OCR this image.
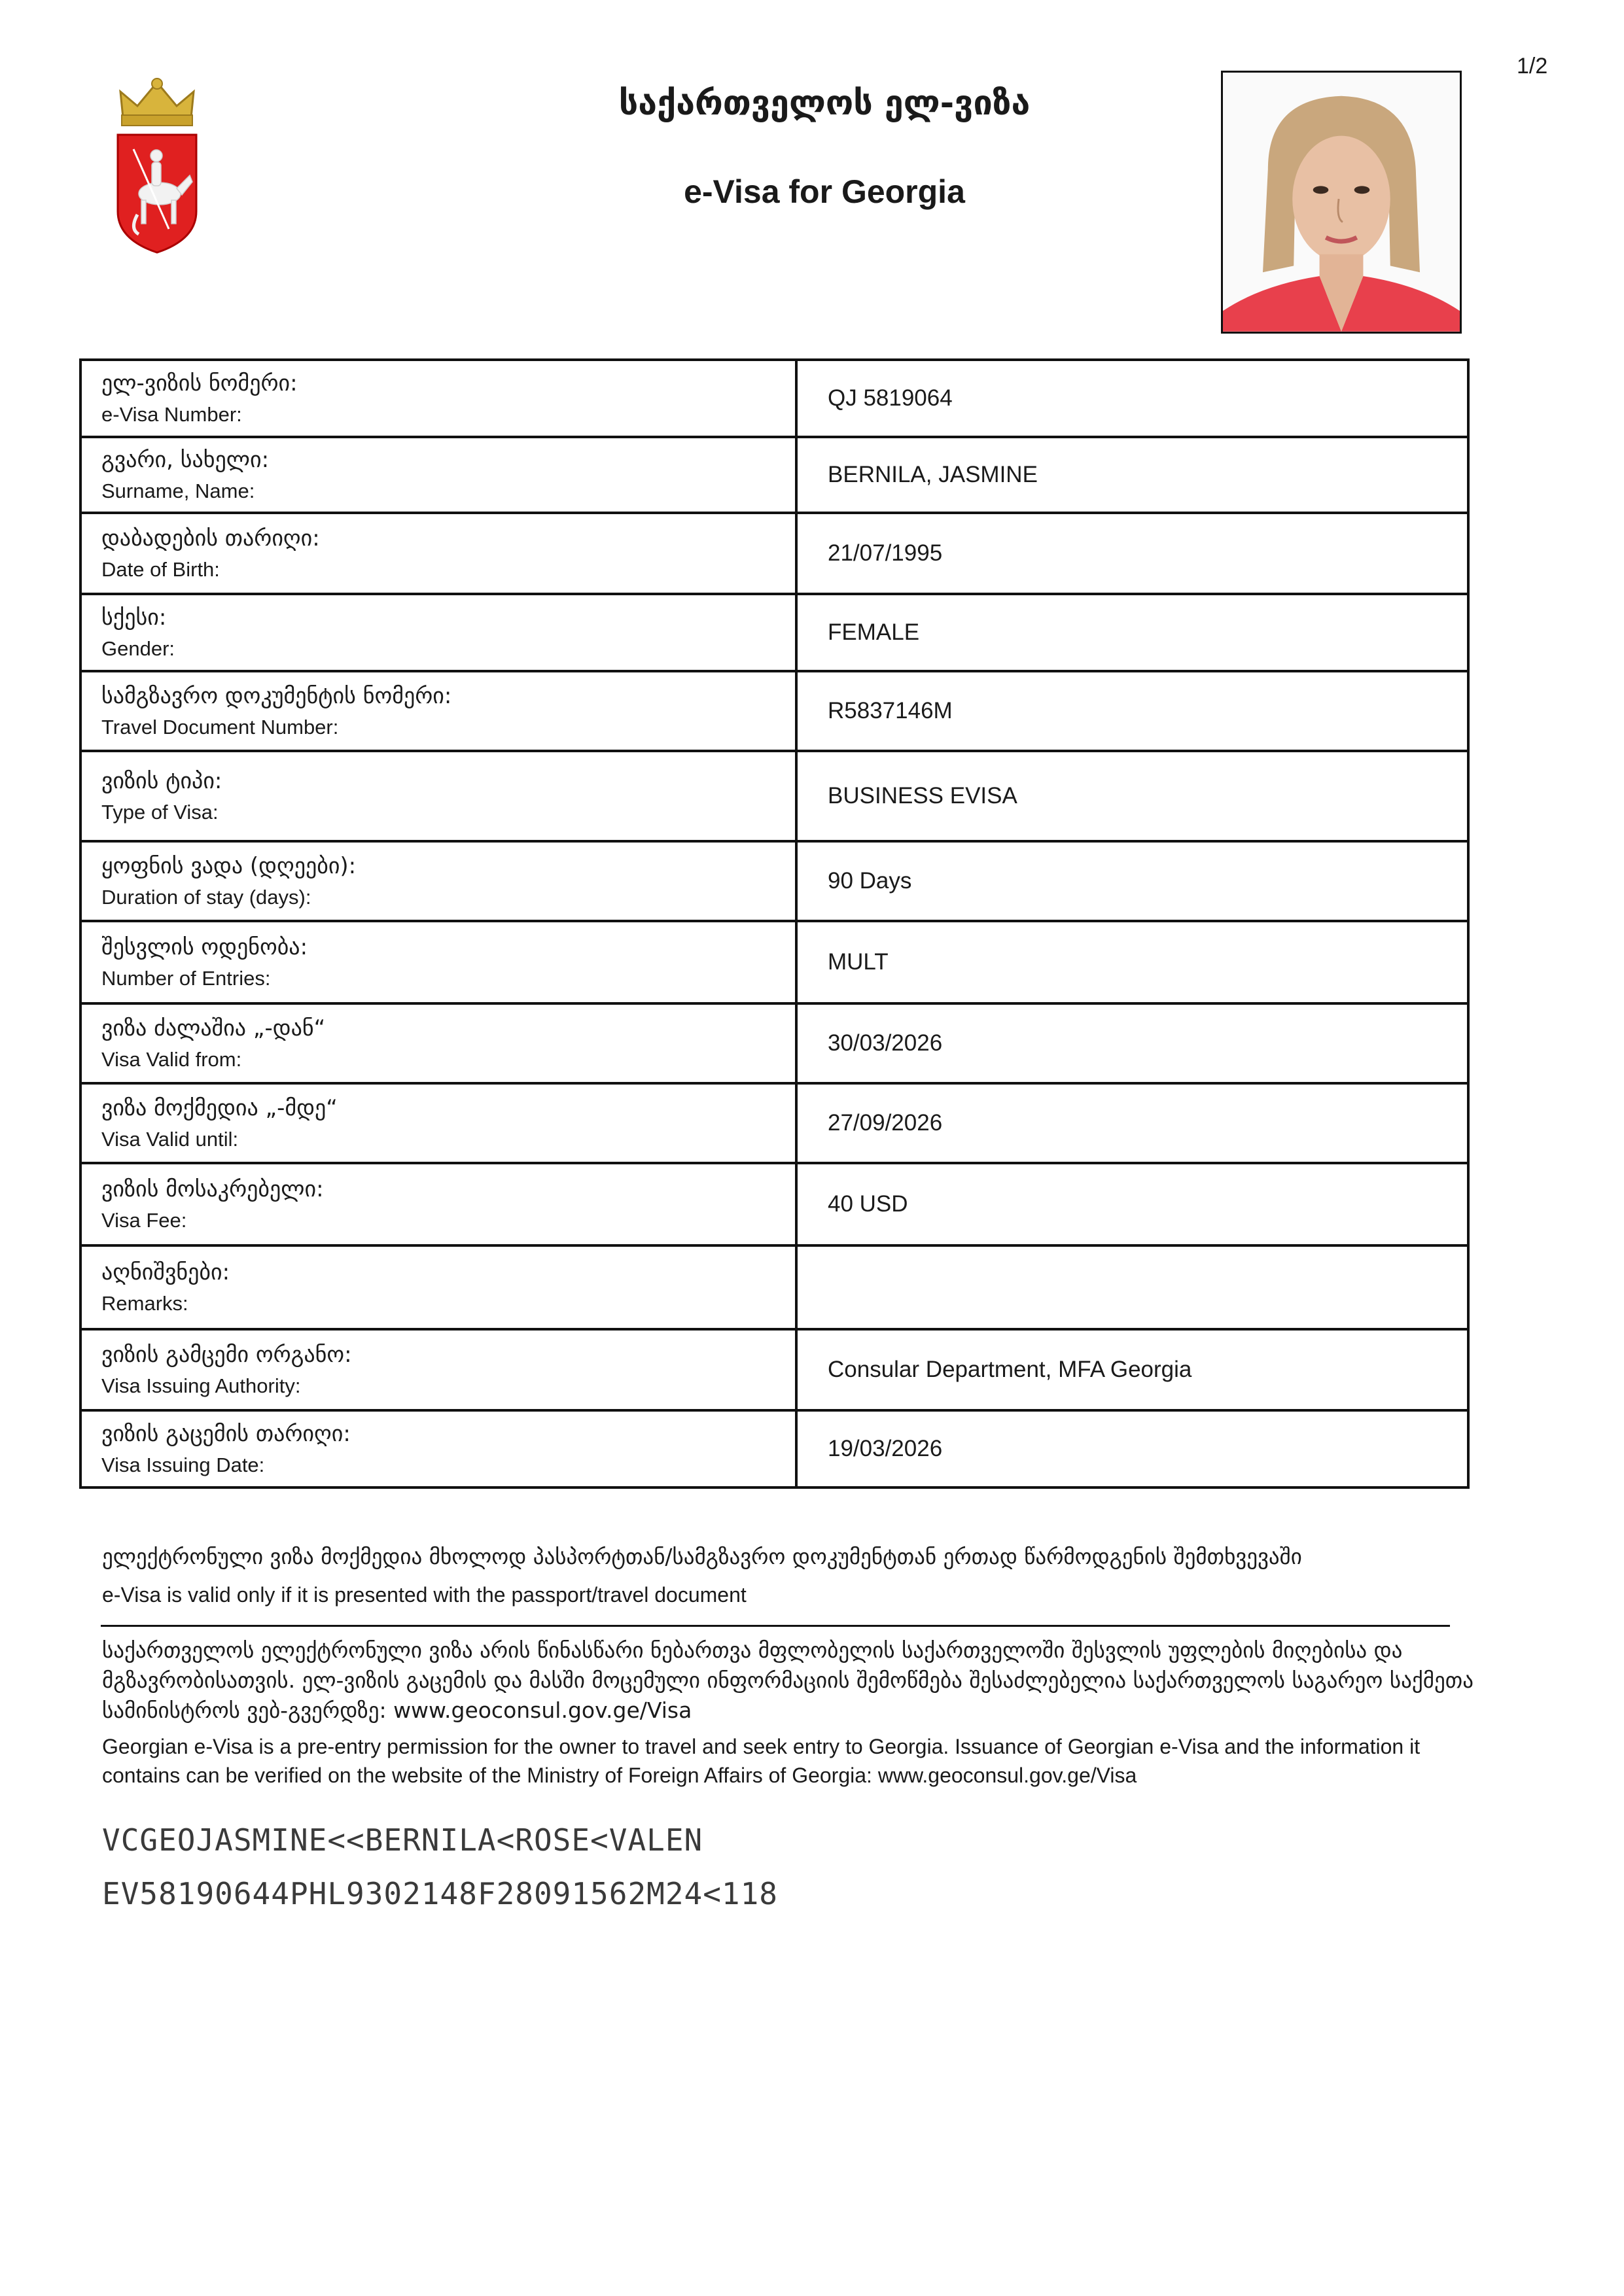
1/2
საქართველოს ელ-ვიზა
e-Visa for Georgia
ელ-ვიზის ნომერი:
e-Visa Number:	QJ 5819064

გვარი, სახელი:
Surname, Name:	BERNILA, JASMINE

დაბადების თარიღი:
Date of Birth:	21/07/1995

სქესი:
Gender:	FEMALE

სამგზავრო დოკუმენტის ნომერი:
Travel Document Number:	R5837146M

ვიზის ტიპი:
Type of Visa:	BUSINESS EVISA

ყოფნის ვადა (დღეები):
Duration of stay (days):	90 Days

შესვლის ოდენობა:
Number of Entries:	MULT

ვიზა ძალაშია „-დან“
Visa Valid from:	30/03/2026

ვიზა მოქმედია „-მდე“
Visa Valid until:	27/09/2026

ვიზის მოსაკრებელი:
Visa Fee:	40 USD

აღნიშვნები:
Remarks:	

ვიზის გამცემი ორგანო:
Visa Issuing Authority:	Consular Department, MFA Georgia

ვიზის გაცემის თარიღი:
Visa Issuing Date:	19/03/2026
ელექტრონული ვიზა მოქმედია მხოლოდ პასპორტთან/სამგზავრო დოკუმენტთან ერთად წარმოდგენის შემთხვევაში
e-Visa is valid only if it is presented with the passport/travel document
საქართველოს ელექტრონული ვიზა არის წინასწარი ნებართვა მფლობელის საქართველოში შესვლის უფლების მიღებისა და მგზავრობისათვის. ელ-ვიზის გაცემის და მასში მოცემული ინფორმაციის შემოწმება შესაძლებელია საქართველოს საგარეო საქმეთა სამინისტროს ვებ-გვერდზე: www.geoconsul.gov.ge/Visa
Georgian e-Visa is a pre-entry permission for the owner to travel and seek entry to Georgia. Issuance of Georgian e-Visa and the information it contains can be verified on the website of the Ministry of Foreign Affairs of Georgia: www.geoconsul.gov.ge/Visa
VCGEOJASMINE<<BERNILA<ROSE<VALEN
EV58190644PHL9302148F28091562M24<118
